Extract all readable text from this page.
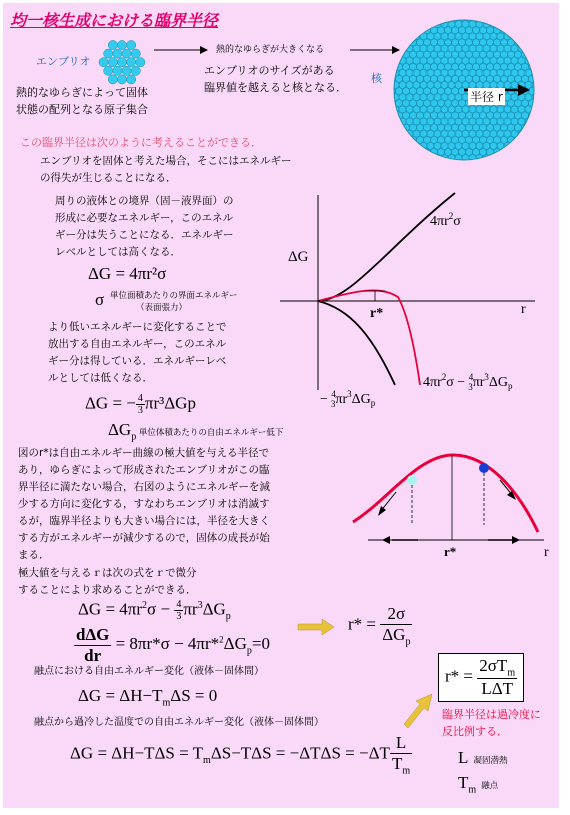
均一核生成における臨界半径
エンブリオ
熱的なゆらぎによって固体
状態の配列となる原子集合
熱的なゆらぎが大きくなる
エンブリオのサイズがある
臨界値を越えると核となる．
核
半径 r
この臨界半径は次のように考えることができる．
エンブリオを固体と考えた場合，そこにはエネルギー
の得失が生じることになる．
周りの液体との境界（固－液界面）の
形成に必要なエネルギー，このエネル
ギー分は失うことになる．エネルギー
レベルとしては高くなる．
ΔG = 4πr²σ
σ 単位面積あたりの界面エネルギー
（表面張力）
より低いエネルギーに変化することで
放出する自由エネルギー，このエネル
ギー分は得している．エネルギーレベ
ルとしては低くなる．
ΔG = − $\frac{4}{3} \pi r^3\Delta Gp$
$\Delta G_p$ 単位体積あたりの自由エネルギー低下
ΔG
r
r*
$4\pi r^2\sigma$
$4\pi r^2\sigma - ^4$ $3\pi r^3\Delta G_p$
− $^4$ $3\pi r^3\Delta G_p$
図のr*は自由エネルギー曲線の極大値を与える半径で
あり，ゆらぎによって形成されたエンブリオがこの臨
界半径に満たない場合，右図のようにエネルギーを減
少する方向に変化する，すなわちエンブリオは消滅す
るが，臨界半径よりも大きい場合には，半径を大きく
する方がエネルギーが減少するので，固体の成長が始
まる．
極大値を与えるｒは次の式をｒで微分
することにより求めることができる．
r*	r
$\Delta G = 4\pi r^2\sigma - \frac{4}{3} \pi r^3\Delta G_p$
$\frac{\text{dΔG}}{dr} = 8\pi r*\sigma - 4\pi r*^2\Delta G_p=0$
$r* = \frac{2\sigma}{\Delta G_p}$
融点における自由エネルギー変化（液体－固体間）
$\Delta G = \Delta H-T_m\Delta S = 0$
融点から過冷した温度での自由エネルギー変化（液体－固体間）
$\Delta G = \Delta H-T\Delta S = T_m\Delta S-T\Delta S = -\Delta T\Delta S = -\Delta T \frac{L}{T_m}$
$r* = \frac{2\sigma T_m}{\text{LΔT}}$
臨界半径は過冷度に
反比例する．
L 凝固潜熱
$T_m$ 融点
